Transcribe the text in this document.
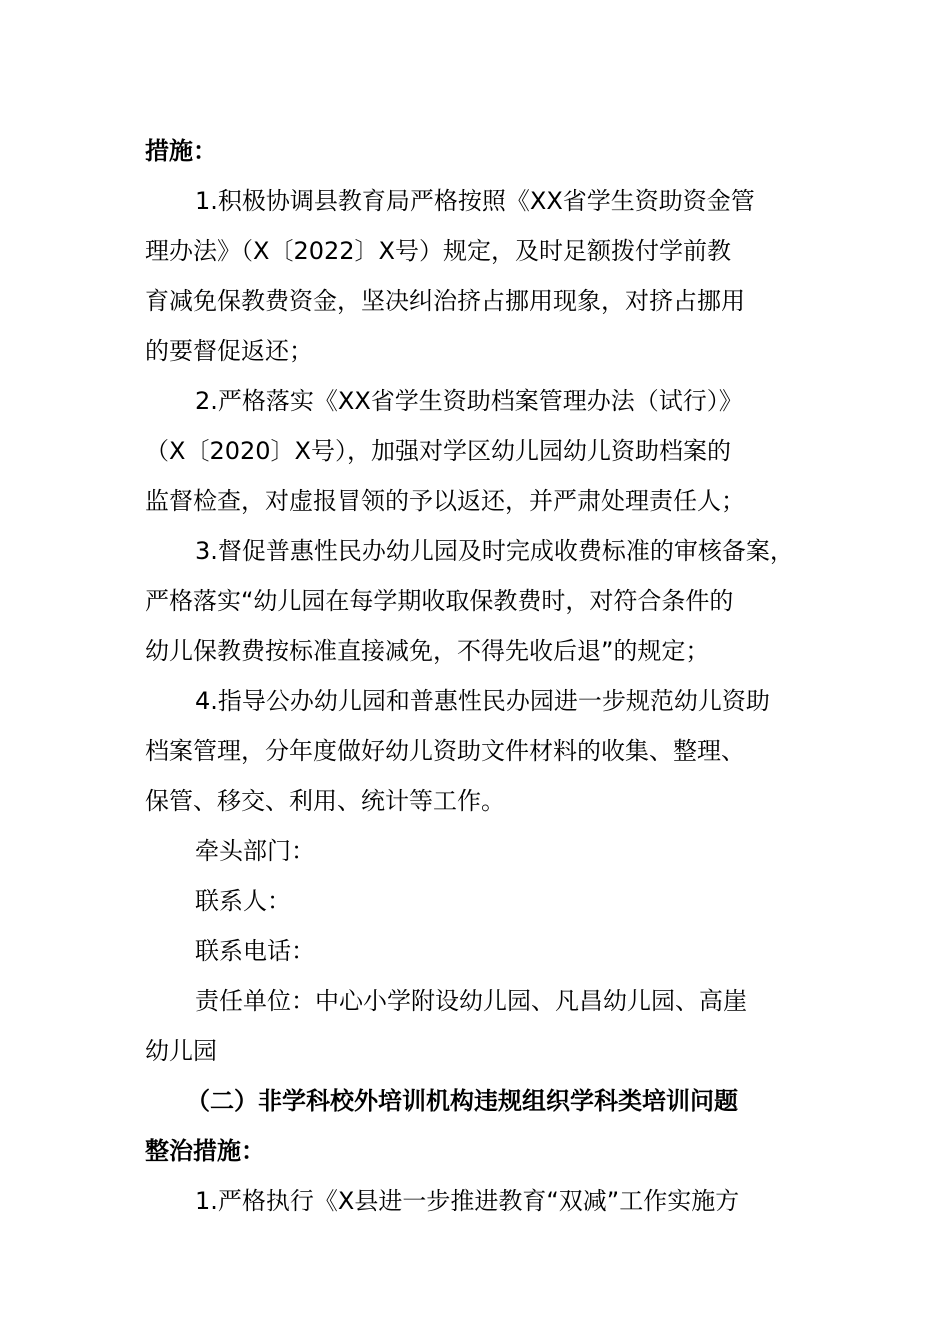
措施：

1.积极协调县教育局严格按照《XX省学生资助资金管

理办法》（X〔2022〕X号）规定，及时足额拨付学前教

育减免保教费资金，坚决纠治挤占挪用现象，对挤占挪用

的要督促返还；

2.严格落实《XX省学生资助档案管理办法（试行）》

（X〔2020〕X号），加强对学区幼儿园幼儿资助档案的

监督检查，对虚报冒领的予以返还，并严肃处理责任人；

3.督促普惠性民办幼儿园及时完成收费标准的审核备案，

严格落实“幼儿园在每学期收取保教费时，对符合条件的

幼儿保教费按标准直接减免，不得先收后退”的规定；

4.指导公办幼儿园和普惠性民办园进一步规范幼儿资助

档案管理，分年度做好幼儿资助文件材料的收集、整理、

保管、移交、利用、统计等工作。

牵头部门：

联系人：

联系电话：

责任单位：中心小学附设幼儿园、凡昌幼儿园、高崖

幼儿园

（二）非学科校外培训机构违规组织学科类培训问题

整治措施：

1.严格执行《X县进一步推进教育“双减”工作实施方
